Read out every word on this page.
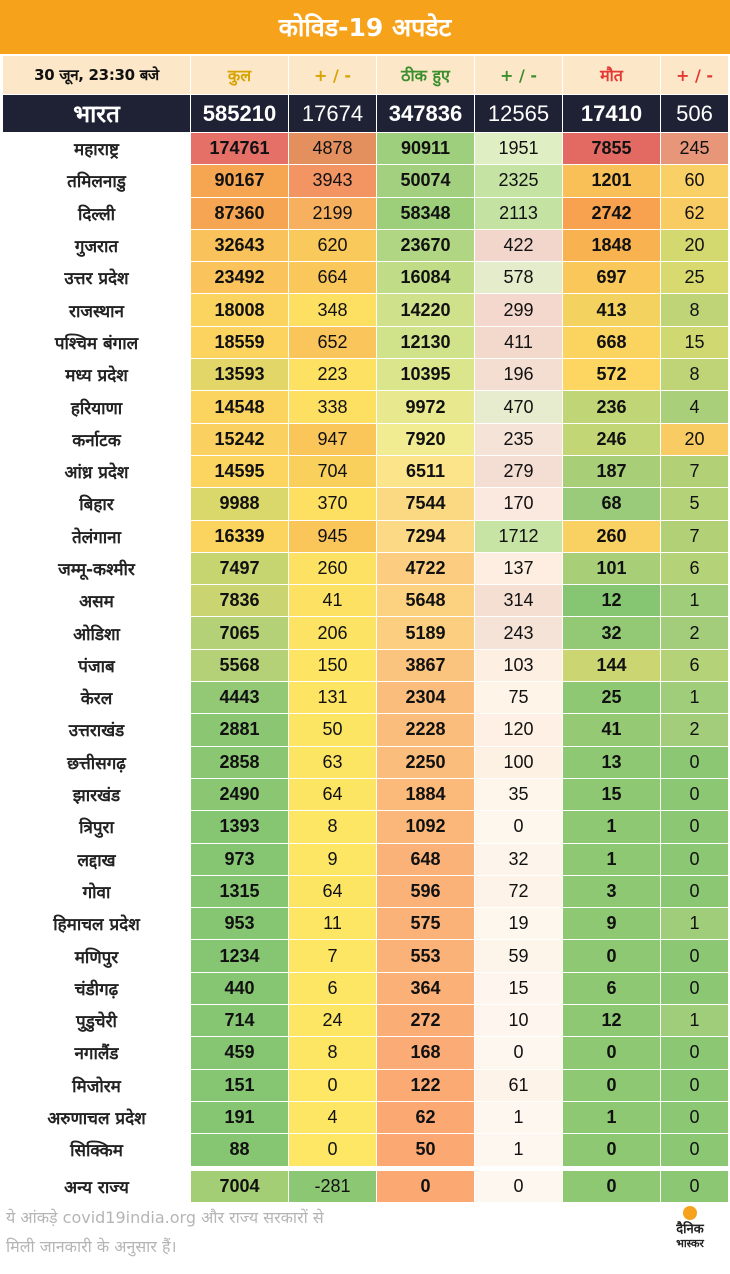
कोविड-19 अपडेट
30 जून, 23:30 बजे	कुल	+ / -	ठीक हुए	+ / -	मौत	+ / -
भारत	585210	17674	347836	12565	17410	506
महाराष्ट्र	174761	4878	90911	1951	7855	245
तमिलनाडु	90167	3943	50074	2325	1201	60
दिल्ली	87360	2199	58348	2113	2742	62
गुजरात	32643	620	23670	422	1848	20
उत्तर प्रदेश	23492	664	16084	578	697	25
राजस्थान	18008	348	14220	299	413	8
पश्चिम बंगाल	18559	652	12130	411	668	15
मध्य प्रदेश	13593	223	10395	196	572	8
हरियाणा	14548	338	9972	470	236	4
कर्नाटक	15242	947	7920	235	246	20
आंध्र प्रदेश	14595	704	6511	279	187	7
बिहार	9988	370	7544	170	68	5
तेलंगाना	16339	945	7294	1712	260	7
जम्मू-कश्मीर	7497	260	4722	137	101	6
असम	7836	41	5648	314	12	1
ओडिशा	7065	206	5189	243	32	2
पंजाब	5568	150	3867	103	144	6
केरल	4443	131	2304	75	25	1
उत्तराखंड	2881	50	2228	120	41	2
छत्तीसगढ़	2858	63	2250	100	13	0
झारखंड	2490	64	1884	35	15	0
त्रिपुरा	1393	8	1092	0	1	0
लद्दाख	973	9	648	32	1	0
गोवा	1315	64	596	72	3	0
हिमाचल प्रदेश	953	11	575	19	9	1
मणिपुर	1234	7	553	59	0	0
चंडीगढ़	440	6	364	15	6	0
पुडुचेरी	714	24	272	10	12	1
नगालैंड	459	8	168	0	0	0
मिजोरम	151	0	122	61	0	0
अरुणाचल प्रदेश	191	4	62	1	1	0
सिक्किम	88	0	50	1	0	0

अन्य राज्य	7004	-281	0	0	0	0
ये आंकड़े covid19india.org और राज्य सरकारों से
मिली जानकारी के अनुसार हैं।
दैनिक
भास्कर
